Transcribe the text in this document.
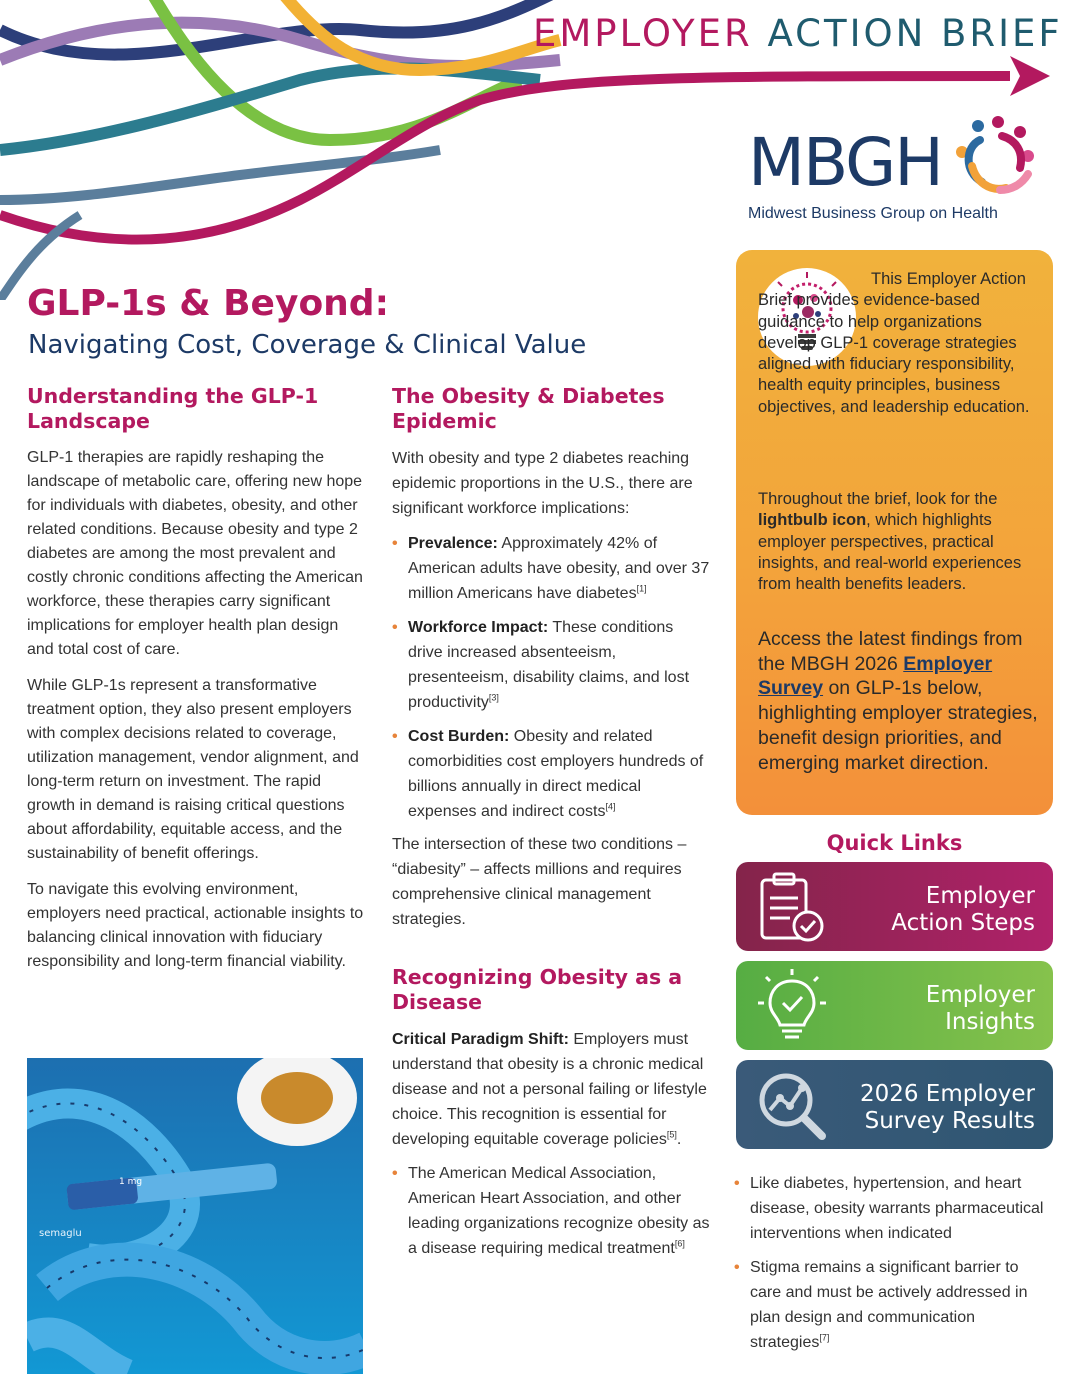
EMPLOYER ACTION BRIEF
MBGH
Midwest Business Group on Health
GLP-1s & Beyond:
Navigating Cost, Coverage & Clinical Value
Understanding the GLP-1 Landscape

GLP-1 therapies are rapidly reshaping the landscape of metabolic care, offering new hope for individuals with diabetes, obesity, and other related conditions. Because obesity and type 2 diabetes are among the most prevalent and costly chronic conditions affecting the American workforce, these therapies carry significant implications for employer health plan design and total cost of care.

While GLP-1s represent a transformative treatment option, they also present employers with complex decisions related to coverage, utilization management, vendor alignment, and long-term return on investment. The rapid growth in demand is raising critical questions about affordability, equitable access, and the sustainability of benefit offerings.

To navigate this evolving environment, employers need practical, actionable insights to balancing clinical innovation with fiduciary responsibility and long-term financial viability.

1 mg
semaglu
The Obesity & Diabetes Epidemic

With obesity and type 2 diabetes reaching epidemic proportions in the U.S., there are significant workforce implications:

• Prevalence: Approximately 42% of American adults have obesity, and over 37 million Americans have diabetes[1]
• Workforce Impact: These conditions drive increased absenteeism, presenteeism, disability claims, and lost productivity[3]
• Cost Burden: Obesity and related comorbidities cost employers hundreds of billions annually in direct medical expenses and indirect costs[4]

The intersection of these two conditions – “diabesity” – affects millions and requires comprehensive clinical management strategies.

Recognizing Obesity as a Disease

Critical Paradigm Shift: Employers must understand that obesity is a chronic medical disease and not a personal failing or lifestyle choice. This recognition is essential for developing equitable coverage policies[5].

• The American Medical Association, American Heart Association, and other leading organizations recognize obesity as a disease requiring medical treatment[6]

This Employer Action Brief provides evidence-based guidance to help organizations develop GLP-1 coverage strategies aligned with fiduciary responsibility, health equity principles, business objectives, and leadership education.

Throughout the brief, look for the lightbulb icon, which highlights employer perspectives, practical insights, and real-world experiences from health benefits leaders.

Access the latest findings from the MBGH 2026 Employer Survey on GLP-1s below, highlighting employer strategies, benefit design priorities, and emerging market direction.

Quick Links
Employer
Action Steps
Employer
Insights
2026 Employer
Survey Results
• Like diabetes, hypertension, and heart disease, obesity warrants pharmaceutical interventions when indicated
• Stigma remains a significant barrier to care and must be actively addressed in plan design and communication strategies[7]
